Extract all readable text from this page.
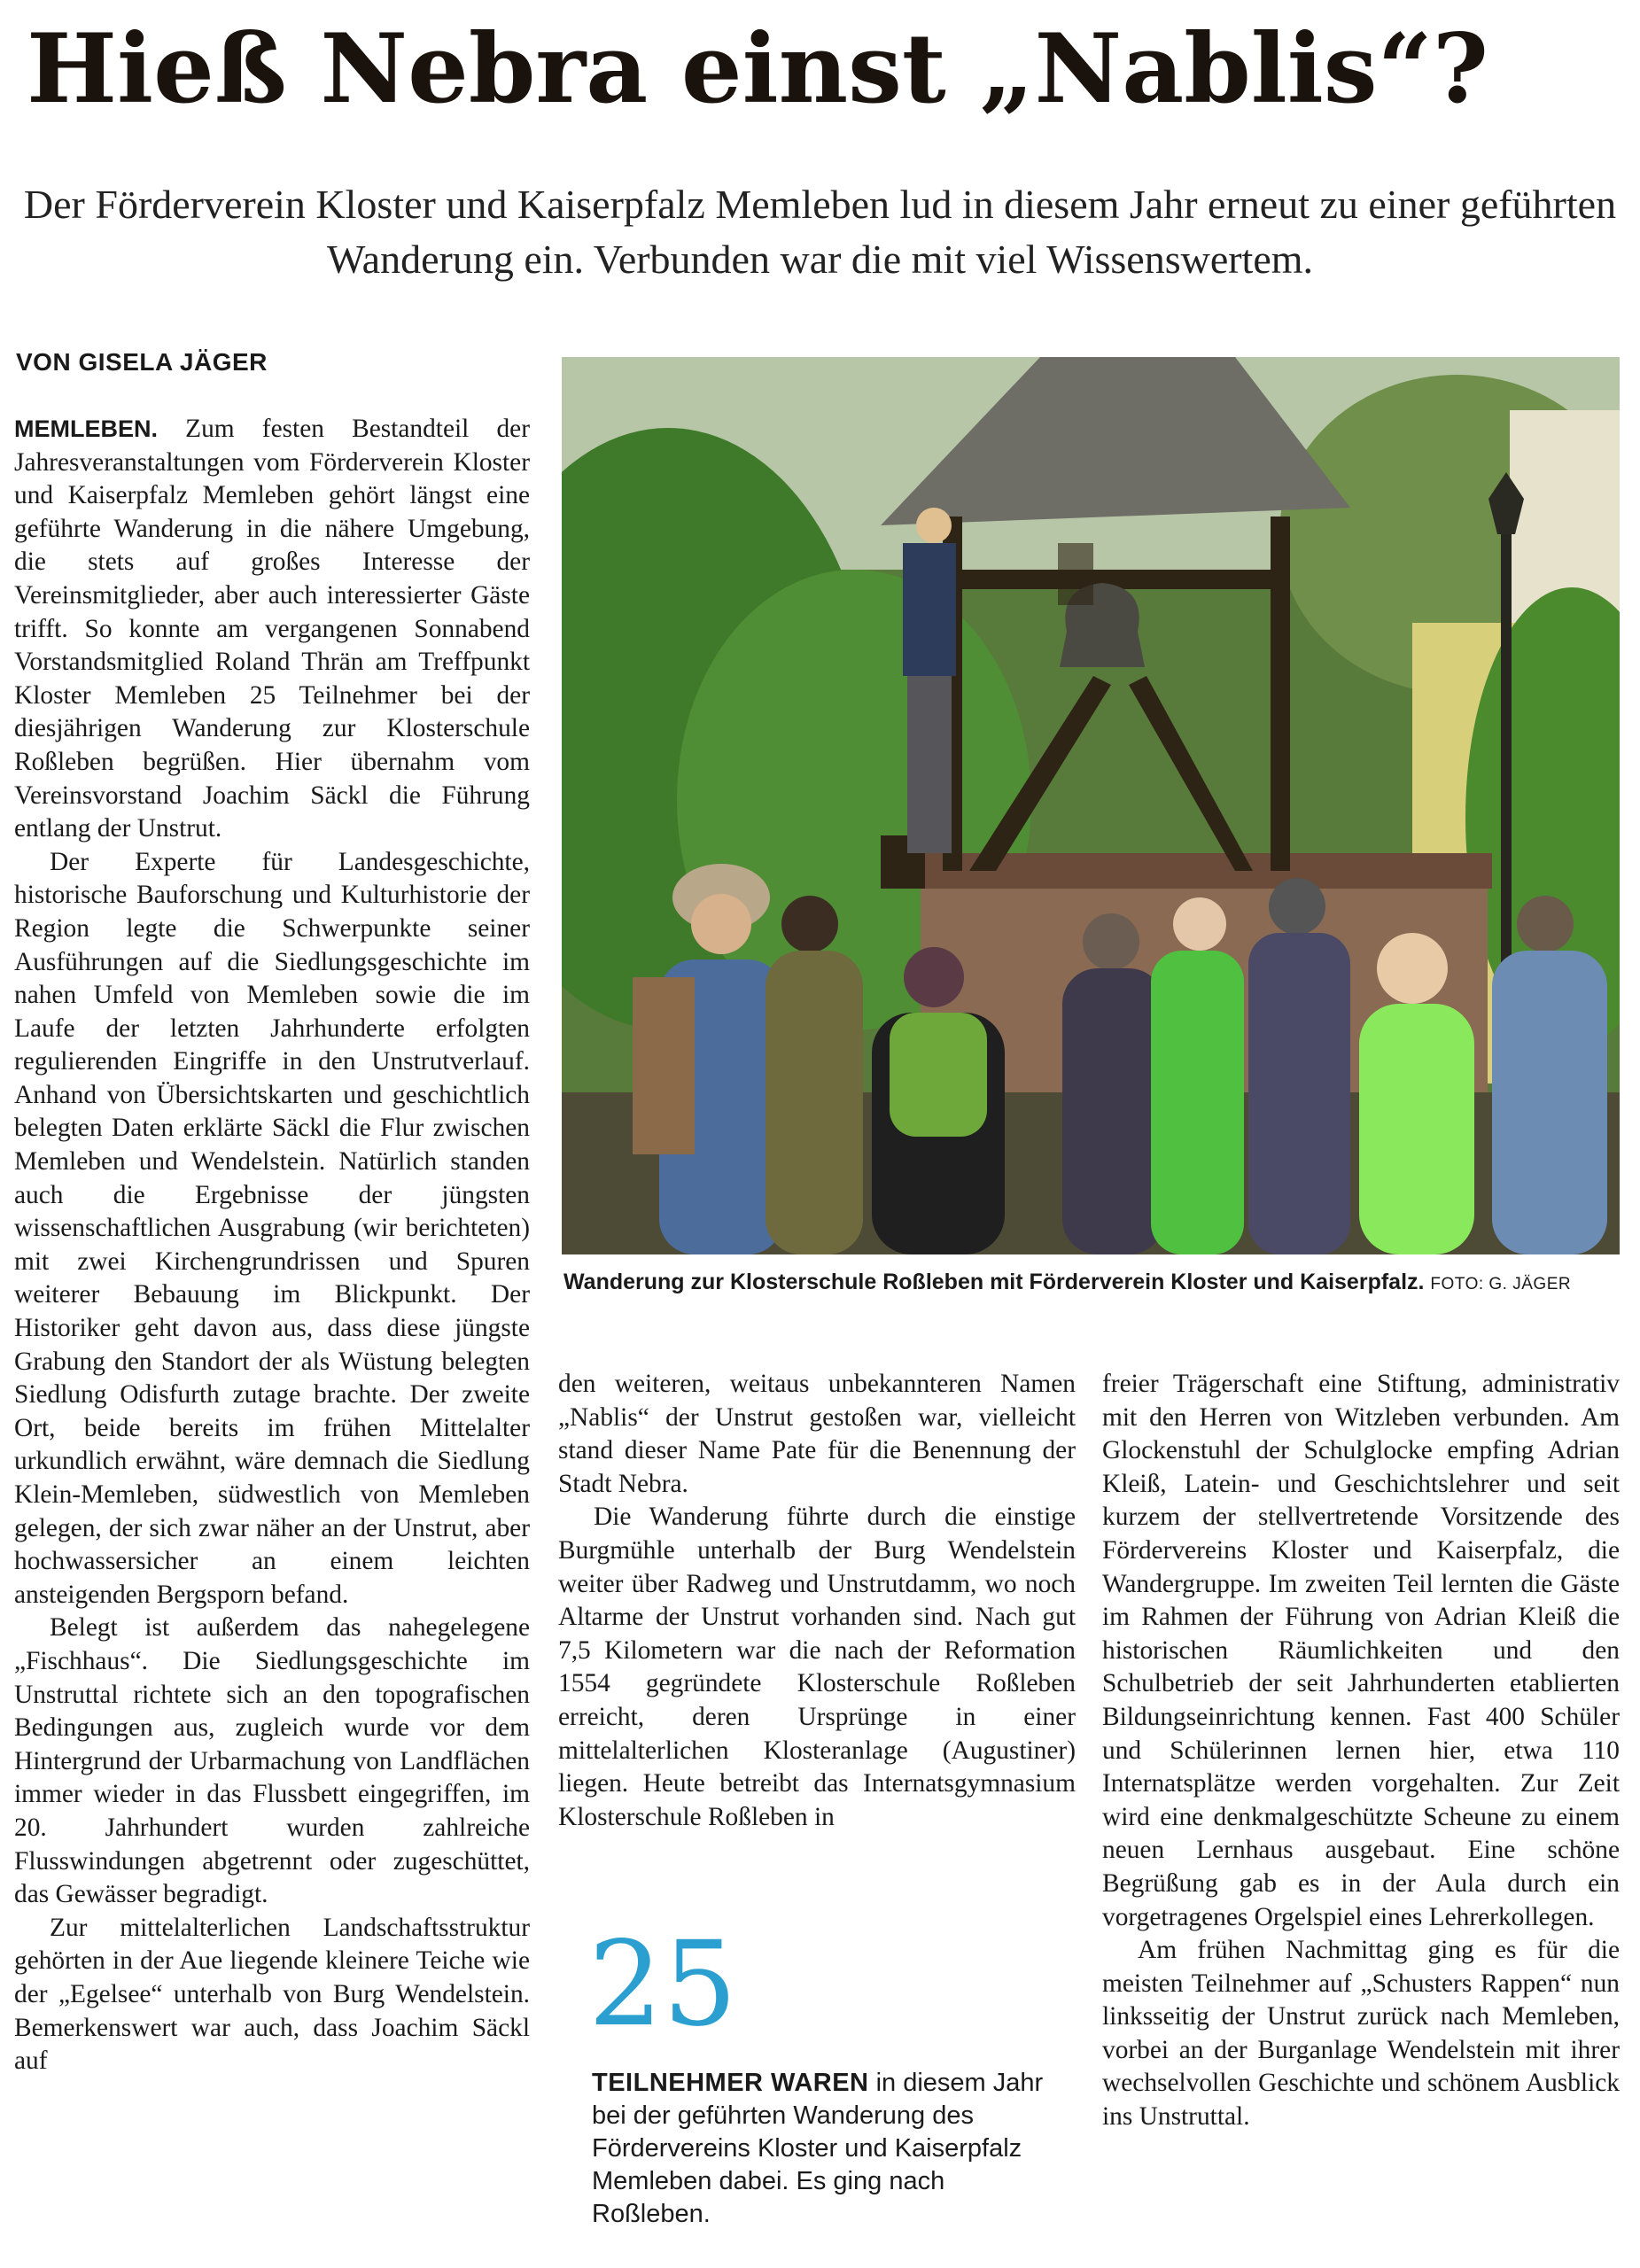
Hieß Nebra einst „Nablis“?

Der Förderverein Kloster und Kaiserpfalz Memleben lud in diesem Jahr erneut zu einer geführten Wanderung ein. Verbunden war die mit viel Wissenswertem.

VON GISELA JÄGER

MEMLEBEN. Zum festen Bestandteil der Jahresveranstaltungen vom Förderverein Kloster und Kaiserpfalz Memleben gehört längst eine geführte Wanderung in die nähere Umgebung, die stets auf großes Interesse der Vereinsmitglieder, aber auch interessierter Gäste trifft. So konnte am vergangenen Sonnabend Vorstandsmitglied Roland Thrän am Treffpunkt Kloster Memleben 25 Teilnehmer bei der diesjährigen Wanderung zur Klosterschule Roßleben begrüßen. Hier übernahm vom Vereinsvorstand Joachim Säckl die Führung entlang der Unstrut.

Der Experte für Landesgeschichte, historische Bauforschung und Kulturhistorie der Region legte die Schwerpunkte seiner Ausführungen auf die Siedlungsgeschichte im nahen Umfeld von Memleben sowie die im Laufe der letzten Jahrhunderte erfolgten regulierenden Eingriffe in den Unstrutverlauf. Anhand von Übersichtskarten und geschichtlich belegten Daten erklärte Säckl die Flur zwischen Memleben und Wendelstein. Natürlich standen auch die Ergebnisse der jüngsten wissenschaftlichen Ausgrabung (wir berichteten) mit zwei Kirchengrundrissen und Spuren weiterer Bebauung im Blickpunkt. Der Historiker geht davon aus, dass diese jüngste Grabung den Standort der als Wüstung belegten Siedlung Odisfurth zutage brachte. Der zweite Ort, beide bereits im frühen Mittelalter urkundlich erwähnt, wäre demnach die Siedlung Klein-Memleben, südwestlich von Memleben gelegen, der sich zwar näher an der Unstrut, aber hochwassersicher an einem leichten ansteigenden Bergsporn befand.

Belegt ist außerdem das nahegelegene „Fischhaus“. Die Siedlungsgeschichte im Unstruttal richtete sich an den topografischen Bedingungen aus, zugleich wurde vor dem Hintergrund der Urbarmachung von Landflächen immer wieder in das Flussbett eingegriffen, im 20. Jahrhundert wurden zahlreiche Flusswindungen abgetrennt oder zugeschüttet, das Gewässer begradigt.

Zur mittelalterlichen Landschaftsstruktur gehörten in der Aue liegende kleinere Teiche wie der „Egelsee“ unterhalb von Burg Wendelstein. Bemerkenswert war auch, dass Joachim Säckl auf

Wanderung zur Klosterschule Roßleben mit Förderverein Kloster und Kaiserpfalz. FOTO: G. JÄGER

den weiteren, weitaus unbekannteren Namen „Nablis“ der Unstrut gestoßen war, vielleicht stand dieser Name Pate für die Benennung der Stadt Nebra.

Die Wanderung führte durch die einstige Burgmühle unterhalb der Burg Wendelstein weiter über Radweg und Unstrutdamm, wo noch Altarme der Unstrut vorhanden sind. Nach gut 7,5 Kilometern war die nach der Reformation 1554 gegründete Klosterschule Roßleben erreicht, deren Ursprünge in einer mittelalterlichen Klosteranlage (Augustiner) liegen. Heute betreibt das Internatsgymnasium Klosterschule Roßleben in

25
TEILNEHMER WAREN in diesem Jahr bei der geführten Wanderung des Fördervereins Kloster und Kaiserpfalz Memleben dabei. Es ging nach Roßleben.

freier Trägerschaft eine Stiftung, administrativ mit den Herren von Witzleben verbunden. Am Glockenstuhl der Schulglocke empfing Adrian Kleiß, Latein- und Geschichtslehrer und seit kurzem der stellvertretende Vorsitzende des Fördervereins Kloster und Kaiserpfalz, die Wandergruppe. Im zweiten Teil lernten die Gäste im Rahmen der Führung von Adrian Kleiß die historischen Räumlichkeiten und den Schulbetrieb der seit Jahrhunderten etablierten Bildungseinrichtung kennen. Fast 400 Schüler und Schülerinnen lernen hier, etwa 110 Internatsplätze werden vorgehalten. Zur Zeit wird eine denkmalgeschützte Scheune zu einem neuen Lernhaus ausgebaut. Eine schöne Begrüßung gab es in der Aula durch ein vorgetragenes Orgelspiel eines Lehrerkollegen.

Am frühen Nachmittag ging es für die meisten Teilnehmer auf „Schusters Rappen“ nun linksseitig der Unstrut zurück nach Memleben, vorbei an der Burganlage Wendelstein mit ihrer wechselvollen Geschichte und schönem Ausblick ins Unstruttal.
